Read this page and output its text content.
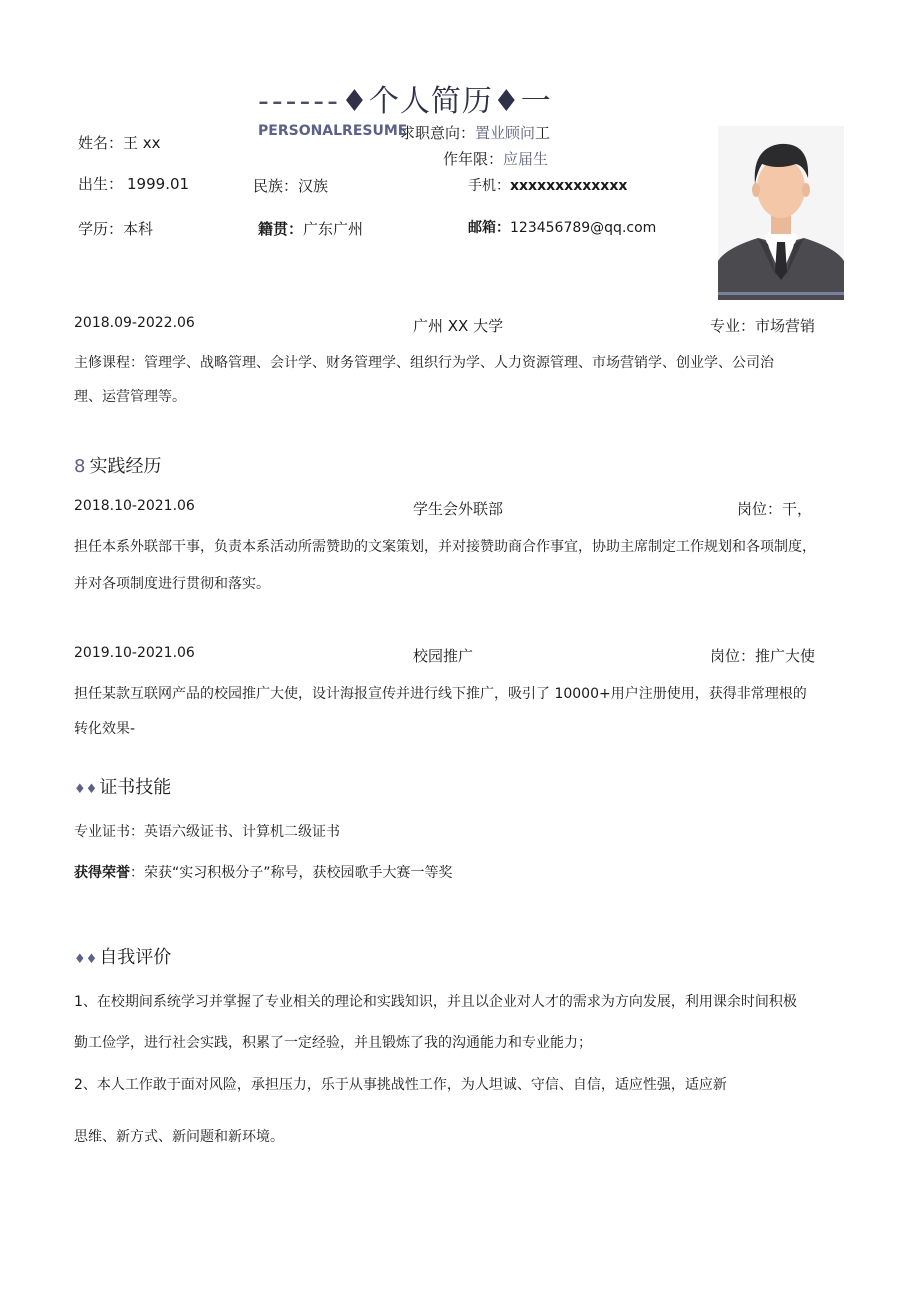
------♦个人简历♦一
PERSONALRESUME
求职意向：置业顾问工
作年限：应届生
姓名：王 xx
出生： 1999.01	民族：汉族	手机：xxxxxxxxxxxxx
学历：本科	籍贯：广东广州	邮箱：123456789@qq.com
2018.09-2022.06	广州 XX 大学	专业：市场营销
主修课程：管理学、战略管理、会计学、财务管理学、组织行为学、人力资源管理、市场营销学、创业学、公司治
理、运营管理等。
8 实践经历
2018.10-2021.06	学生会外联部	岗位：干，
担任本系外联部干事，负责本系活动所需赞助的文案策划，并对接赞助商合作事宜，协助主席制定工作规划和各项制度，
并对各项制度进行贯彻和落实。
2019.10-2021.06	校园推广	岗位：推广大使
担任某款互联网产品的校园推广大使，设计海报宣传并进行线下推广，吸引了 10000+用户注册使用，获得非常理根的
转化效果-
♦♦ 证书技能
专业证书：英语六级证书、计算机二级证书
获得荣誉：荣获“实习积极分子”称号，获校园歌手大赛一等奖
♦♦ 自我评价
1、在校期间系统学习并掌握了专业相关的理论和实践知识，并且以企业对人才的需求为方向发展，利用课余时间积极
勤工俭学，进行社会实践，积累了一定经验，并且锻炼了我的沟通能力和专业能力；
2、本人工作敢于面对风险，承担压力，乐于从事挑战性工作，为人坦诚、守信、自信，适应性强，适应新
思维、新方式、新问题和新环境。
